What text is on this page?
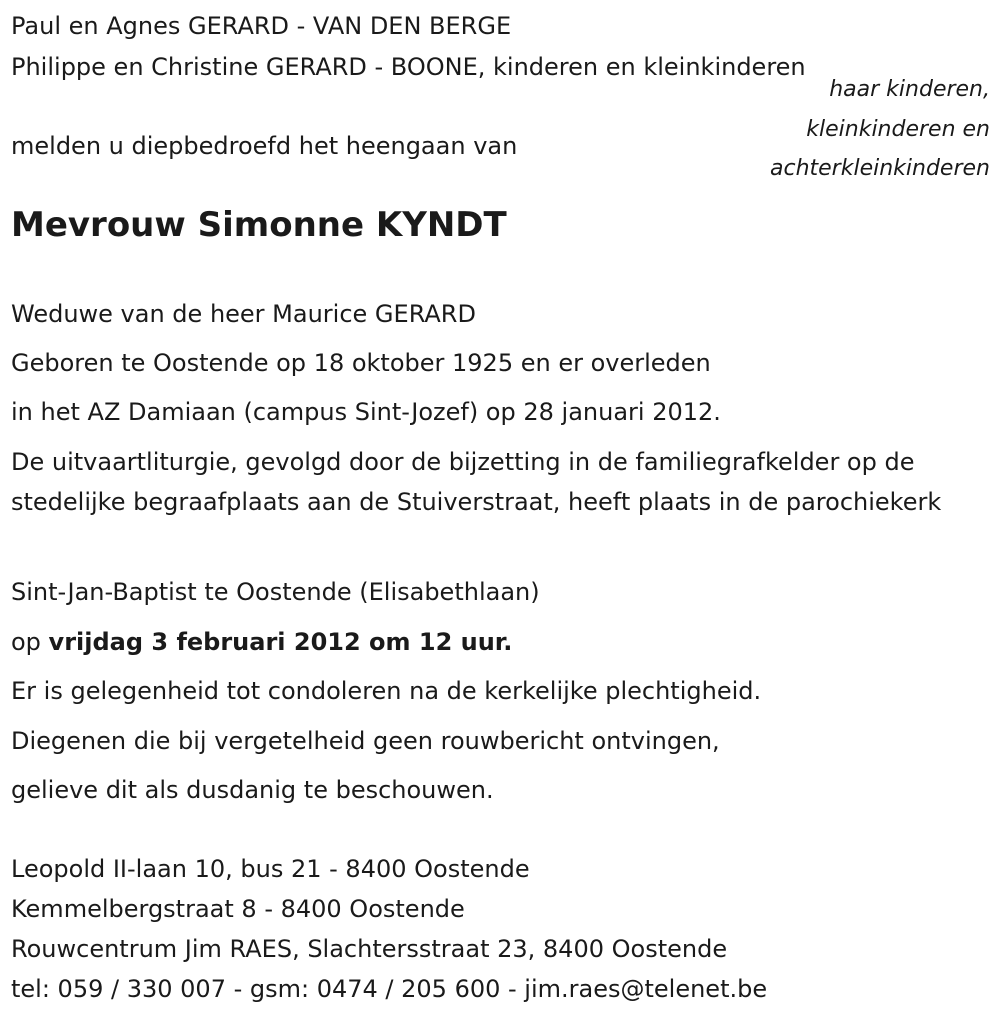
Paul en Agnes GERARD - VAN DEN BERGE
Philippe en Christine GERARD - BOONE, kinderen en kleinkinderen
haar kinderen,
kleinkinderen en
achterkleinkinderen
melden u diepbedroefd het heengaan van
Mevrouw Simonne KYNDT
Weduwe van de heer Maurice GERARD
Geboren te Oostende op 18 oktober 1925 en er overleden
in het AZ Damiaan (campus Sint-Jozef) op 28 januari 2012.
De uitvaartliturgie, gevolgd door de bijzetting in de familiegrafkelder op de stedelijke begraafplaats aan de Stuiverstraat, heeft plaats in de parochiekerk
Sint-Jan-Baptist te Oostende (Elisabethlaan)
op vrijdag 3 februari 2012 om 12 uur.
Er is gelegenheid tot condoleren na de kerkelijke plechtigheid.
Diegenen die bij vergetelheid geen rouwbericht ontvingen,
gelieve dit als dusdanig te beschouwen.
Leopold II-laan 10, bus 21 - 8400 Oostende
Kemmelbergstraat 8 - 8400 Oostende
Rouwcentrum Jim RAES, Slachtersstraat 23, 8400 Oostende
tel: 059 / 330 007 - gsm: 0474 / 205 600 - jim.raes@telenet.be
